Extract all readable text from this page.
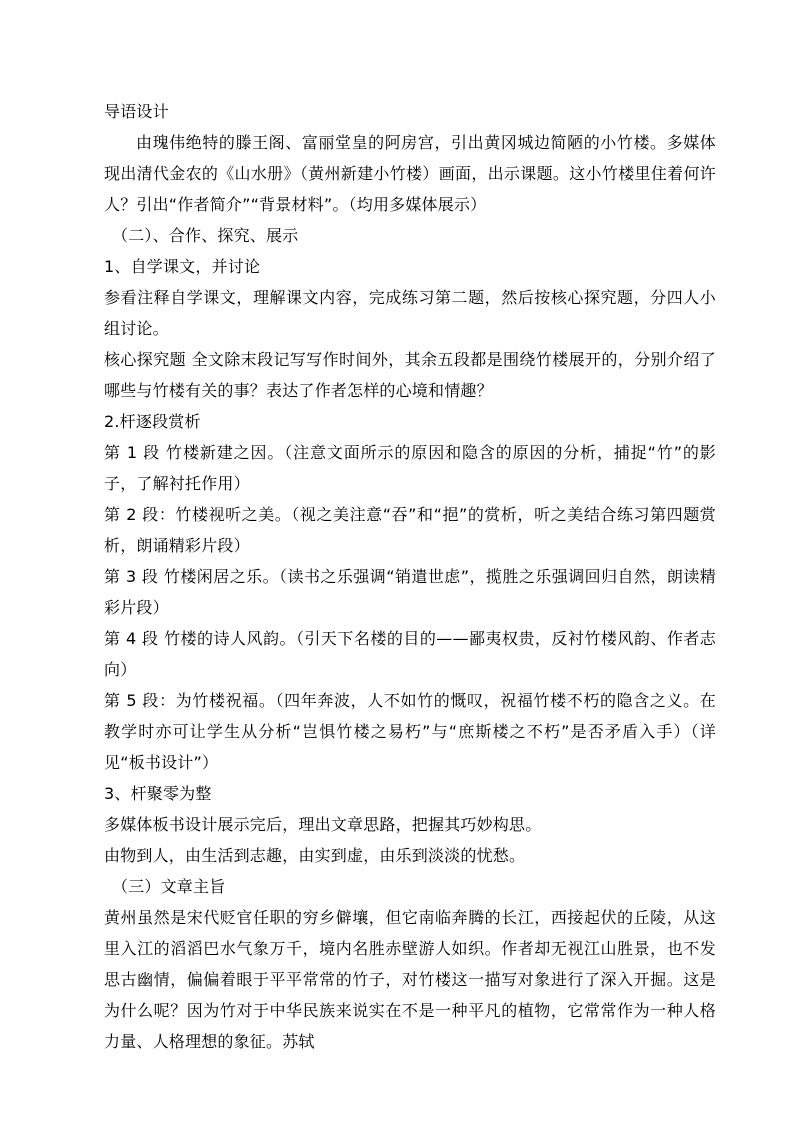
导语设计

由瑰伟绝特的滕王阁、富丽堂皇的阿房宫，引出黄冈城边简陋的小竹楼。多媒体现出清代金农的《山水册》（黄州新建小竹楼）画面，出示课题。这小竹楼里住着何许人？引出“作者简介”“背景材料”。（均用多媒体展示）

（二）、合作、探究、展示

1、自学课文，并讨论

参看注释自学课文，理解课文内容，完成练习第二题，然后按核心探究题，分四人小组讨论。

核心探究题 全文除末段记写写作时间外，其余五段都是围绕竹楼展开的，分别介绍了哪些与竹楼有关的事？表达了作者怎样的心境和情趣？

2.杆逐段赏析

第 1 段 竹楼新建之因。（注意文面所示的原因和隐含的原因的分析，捕捉“竹”的影子，了解衬托作用）

第 2 段：竹楼视听之美。（视之美注意“吞”和“挹”的赏析，听之美结合练习第四题赏析，朗诵精彩片段）

第 3 段 竹楼闲居之乐。（读书之乐强调“销遣世虑”，揽胜之乐强调回归自然，朗读精彩片段）

第 4 段 竹楼的诗人风韵。（引天下名楼的目的——鄙夷权贵，反衬竹楼风韵、作者志向）

第 5 段：为竹楼祝福。（四年奔波，人不如竹的慨叹，祝福竹楼不朽的隐含之义。在教学时亦可让学生从分析“岂惧竹楼之易朽”与“庶斯楼之不朽”是否矛盾入手）（详见“板书设计”）

3、杆聚零为整

多媒体板书设计展示完后，理出文章思路，把握其巧妙构思。

由物到人，由生活到志趣，由实到虚，由乐到淡淡的忧愁。

（三）文章主旨

黄州虽然是宋代贬官任职的穷乡僻壤，但它南临奔腾的长江，西接起伏的丘陵，从这里入江的滔滔巴水气象万千，境内名胜赤壁游人如织。作者却无视江山胜景，也不发思古幽情，偏偏着眼于平平常常的竹子，对竹楼这一描写对象进行了深入开掘。这是为什么呢？因为竹对于中华民族来说实在不是一种平凡的植物，它常常作为一种人格力量、人格理想的象征。苏轼
